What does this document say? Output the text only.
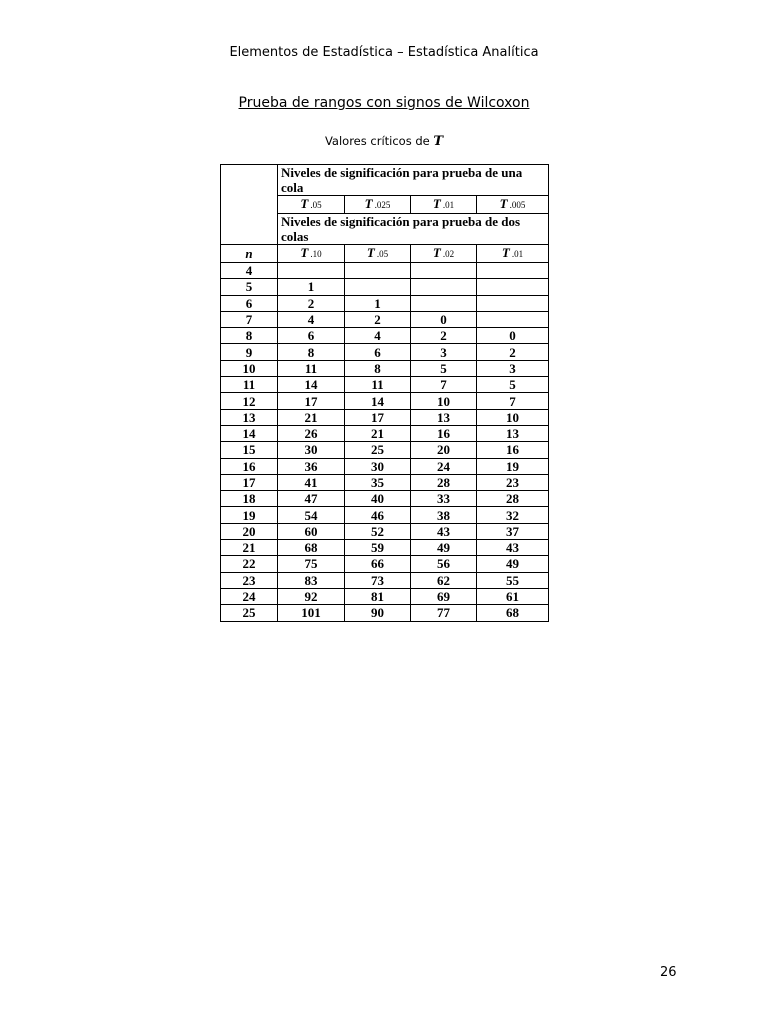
Elementos de Estadística – Estadística Analítica
Prueba de rangos con signos de Wilcoxon
Valores críticos de T
	Niveles de significación para prueba de una cola			
	T .05	T .025	T .01	T .005
	Niveles de significación para prueba de dos colas			
n	T .10	T .05	T .02	T .01
4				
5	1			
6	2	1		
7	4	2	0	
8	6	4	2	0
9	8	6	3	2
10	11	8	5	3
11	14	11	7	5
12	17	14	10	7
13	21	17	13	10
14	26	21	16	13
15	30	25	20	16
16	36	30	24	19
17	41	35	28	23
18	47	40	33	28
19	54	46	38	32
20	60	52	43	37
21	68	59	49	43
22	75	66	56	49
23	83	73	62	55
24	92	81	69	61
25	101	90	77	68
26
